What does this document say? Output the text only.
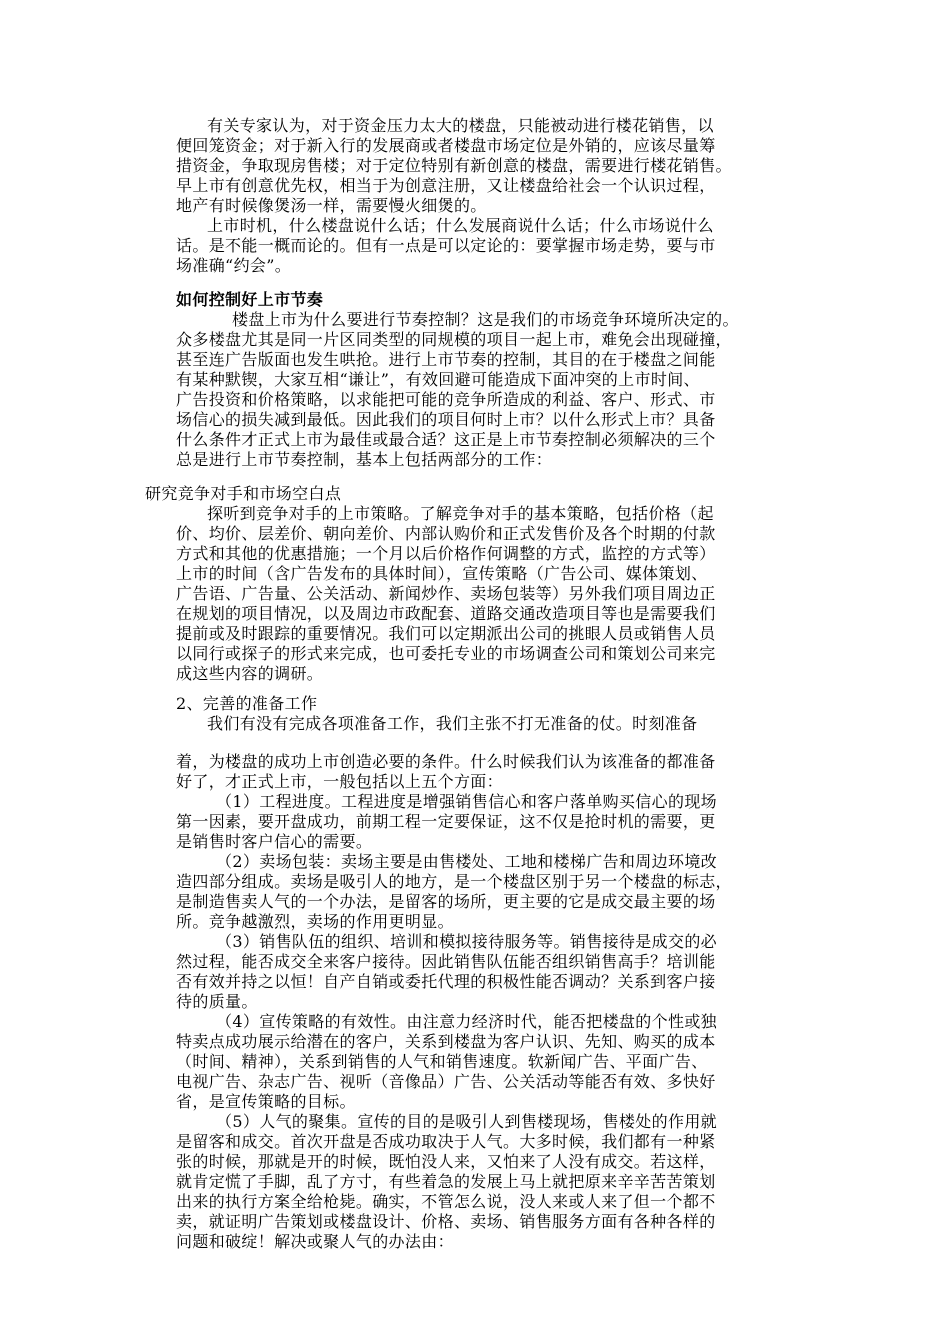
有关专家认为，对于资金压力太大的楼盘，只能被动进行楼花销售，以
便回笼资金；对于新入行的发展商或者楼盘市场定位是外销的，应该尽量筹
措资金，争取现房售楼；对于定位特别有新创意的楼盘，需要进行楼花销售。
早上市有创意优先权，相当于为创意注册，又让楼盘给社会一个认识过程，
地产有时候像煲汤一样，需要慢火细煲的。
上市时机，什么楼盘说什么话；什么发展商说什么话；什么市场说什么
话。是不能一概而论的。但有一点是可以定论的：要掌握市场走势，要与市
场准确“约会”。
如何控制好上市节奏
楼盘上市为什么要进行节奏控制？这是我们的市场竞争环境所决定的。
众多楼盘尤其是同一片区同类型的同规模的项目一起上市，难免会出现碰撞，
甚至连广告版面也发生哄抢。进行上市节奏的控制，其目的在于楼盘之间能
有某种默锲，大家互相“谦让”，有效回避可能造成下面冲突的上市时间、
广告投资和价格策略，以求能把可能的竞争所造成的利益、客户、形式、市
场信心的损失减到最低。因此我们的项目何时上市？以什么形式上市？具备
什么条件才正式上市为最佳或最合适？这正是上市节奏控制必须解决的三个
总是进行上市节奏控制，基本上包括两部分的工作：
研究竞争对手和市场空白点
探听到竞争对手的上市策略。了解竞争对手的基本策略，包括价格（起
价、均价、层差价、朝向差价、内部认购价和正式发售价及各个时期的付款
方式和其他的优惠措施；一个月以后价格作何调整的方式，监控的方式等）
上市的时间（含广告发布的具体时间），宣传策略（广告公司、媒体策划、
广告语、广告量、公关活动、新闻炒作、卖场包装等）另外我们项目周边正
在规划的项目情况，以及周边市政配套、道路交通改造项目等也是需要我们
提前或及时跟踪的重要情况。我们可以定期派出公司的挑眼人员或销售人员
以同行或探子的形式来完成，也可委托专业的市场调查公司和策划公司来完
成这些内容的调研。
2、完善的准备工作
我们有没有完成各项准备工作，我们主张不打无准备的仗。时刻准备
着，为楼盘的成功上市创造必要的条件。什么时候我们认为该准备的都准备
好了，才正式上市，一般包括以上五个方面：
（1）工程进度。工程进度是增强销售信心和客户落单购买信心的现场
第一因素，要开盘成功，前期工程一定要保证，这不仅是抢时机的需要，更
是销售时客户信心的需要。
（2）卖场包装：卖场主要是由售楼处、工地和楼梯广告和周边环境改
造四部分组成。卖场是吸引人的地方，是一个楼盘区别于另一个楼盘的标志，
是制造售卖人气的一个办法，是留客的场所，更主要的它是成交最主要的场
所。竞争越激烈，卖场的作用更明显。
（3）销售队伍的组织、培训和模拟接待服务等。销售接待是成交的必
然过程，能否成交全来客户接待。因此销售队伍能否组织销售高手？培训能
否有效并持之以恒！自产自销或委托代理的积极性能否调动？关系到客户接
待的质量。
（4）宣传策略的有效性。由注意力经济时代，能否把楼盘的个性或独
特卖点成功展示给潜在的客户，关系到楼盘为客户认识、先知、购买的成本
（时间、精神），关系到销售的人气和销售速度。软新闻广告、平面广告、
电视广告、杂志广告、视听（音像品）广告、公关活动等能否有效、多快好
省，是宣传策略的目标。
（5）人气的聚集。宣传的目的是吸引人到售楼现场，售楼处的作用就
是留客和成交。首次开盘是否成功取决于人气。大多时候，我们都有一种紧
张的时候，那就是开的时候，既怕没人来，又怕来了人没有成交。若这样，
就肯定慌了手脚，乱了方寸，有些着急的发展上马上就把原来辛辛苦苦策划
出来的执行方案全给枪毙。确实，不管怎么说，没人来或人来了但一个都不
卖，就证明广告策划或楼盘设计、价格、卖场、销售服务方面有各种各样的
问题和破绽！解决或聚人气的办法由：
